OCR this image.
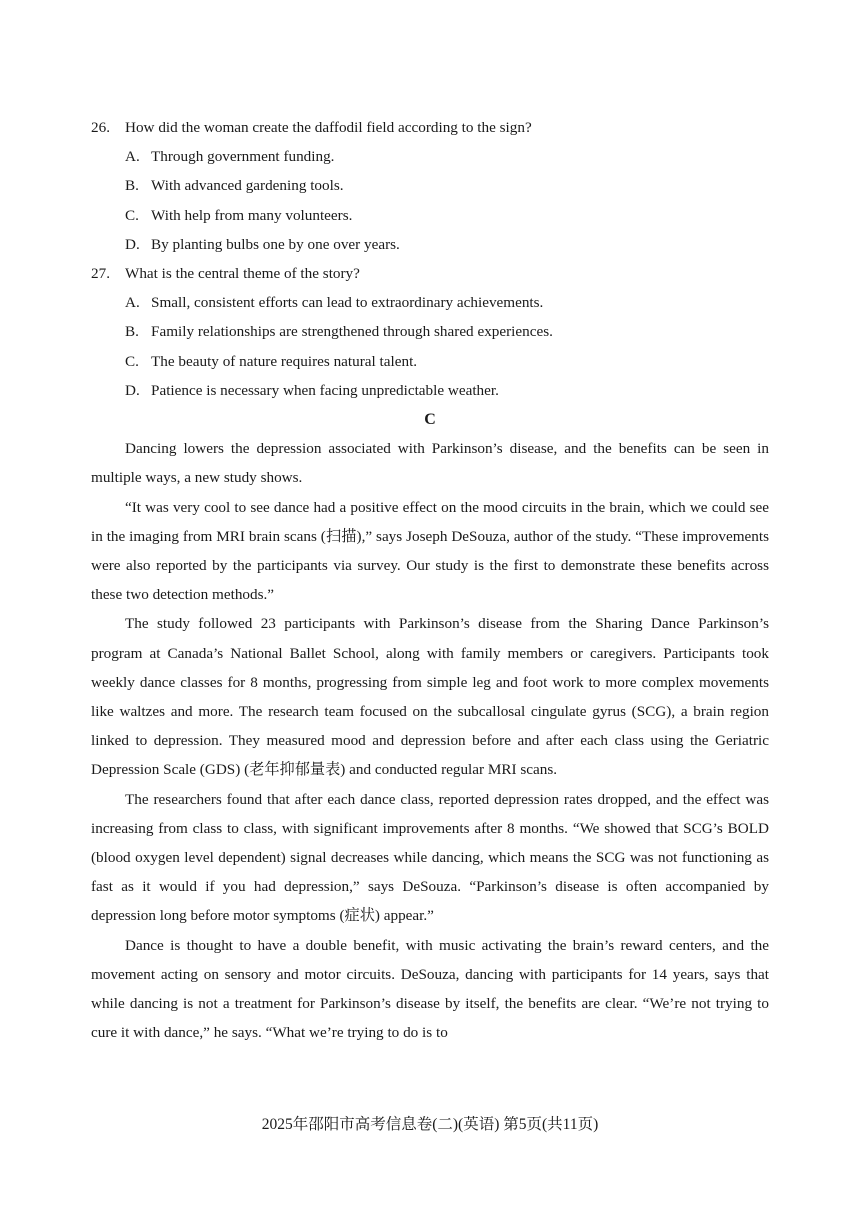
26. How did the woman create the daffodil field according to the sign?
A. Through government funding.
B. With advanced gardening tools.
C. With help from many volunteers.
D. By planting bulbs one by one over years.
27. What is the central theme of the story?
A. Small, consistent efforts can lead to extraordinary achievements.
B. Family relationships are strengthened through shared experiences.
C. The beauty of nature requires natural talent.
D. Patience is necessary when facing unpredictable weather.
C

Dancing lowers the depression associated with Parkinson’s disease, and the benefits can be seen in multiple ways, a new study shows.

“It was very cool to see dance had a positive effect on the mood circuits in the brain, which we could see in the imaging from MRI brain scans (扫描),” says Joseph DeSouza, author of the study. “These improvements were also reported by the participants via survey. Our study is the first to demonstrate these benefits across these two detection methods.”

The study followed 23 participants with Parkinson’s disease from the Sharing Dance Parkinson’s program at Canada’s National Ballet School, along with family members or caregivers. Participants took weekly dance classes for 8 months, progressing from simple leg and foot work to more complex movements like waltzes and more. The research team focused on the subcallosal cingulate gyrus (SCG), a brain region linked to depression. They measured mood and depression before and after each class using the Geriatric Depression Scale (GDS) (老年抑郁量表) and conducted regular MRI scans.

The researchers found that after each dance class, reported depression rates dropped, and the effect was increasing from class to class, with significant improvements after 8 months. “We showed that SCG’s BOLD (blood oxygen level dependent) signal decreases while dancing, which means the SCG was not functioning as fast as it would if you had depression,” says DeSouza. “Parkinson’s disease is often accompanied by depression long before motor symptoms (症状) appear.”

Dance is thought to have a double benefit, with music activating the brain’s reward centers, and the movement acting on sensory and motor circuits. DeSouza, dancing with participants for 14 years, says that while dancing is not a treatment for Parkinson’s disease by itself, the benefits are clear. “We’re not trying to cure it with dance,” he says. “What we’re trying to do is to

2025年邵阳市高考信息卷(二)(英语) 第5页(共11页)
